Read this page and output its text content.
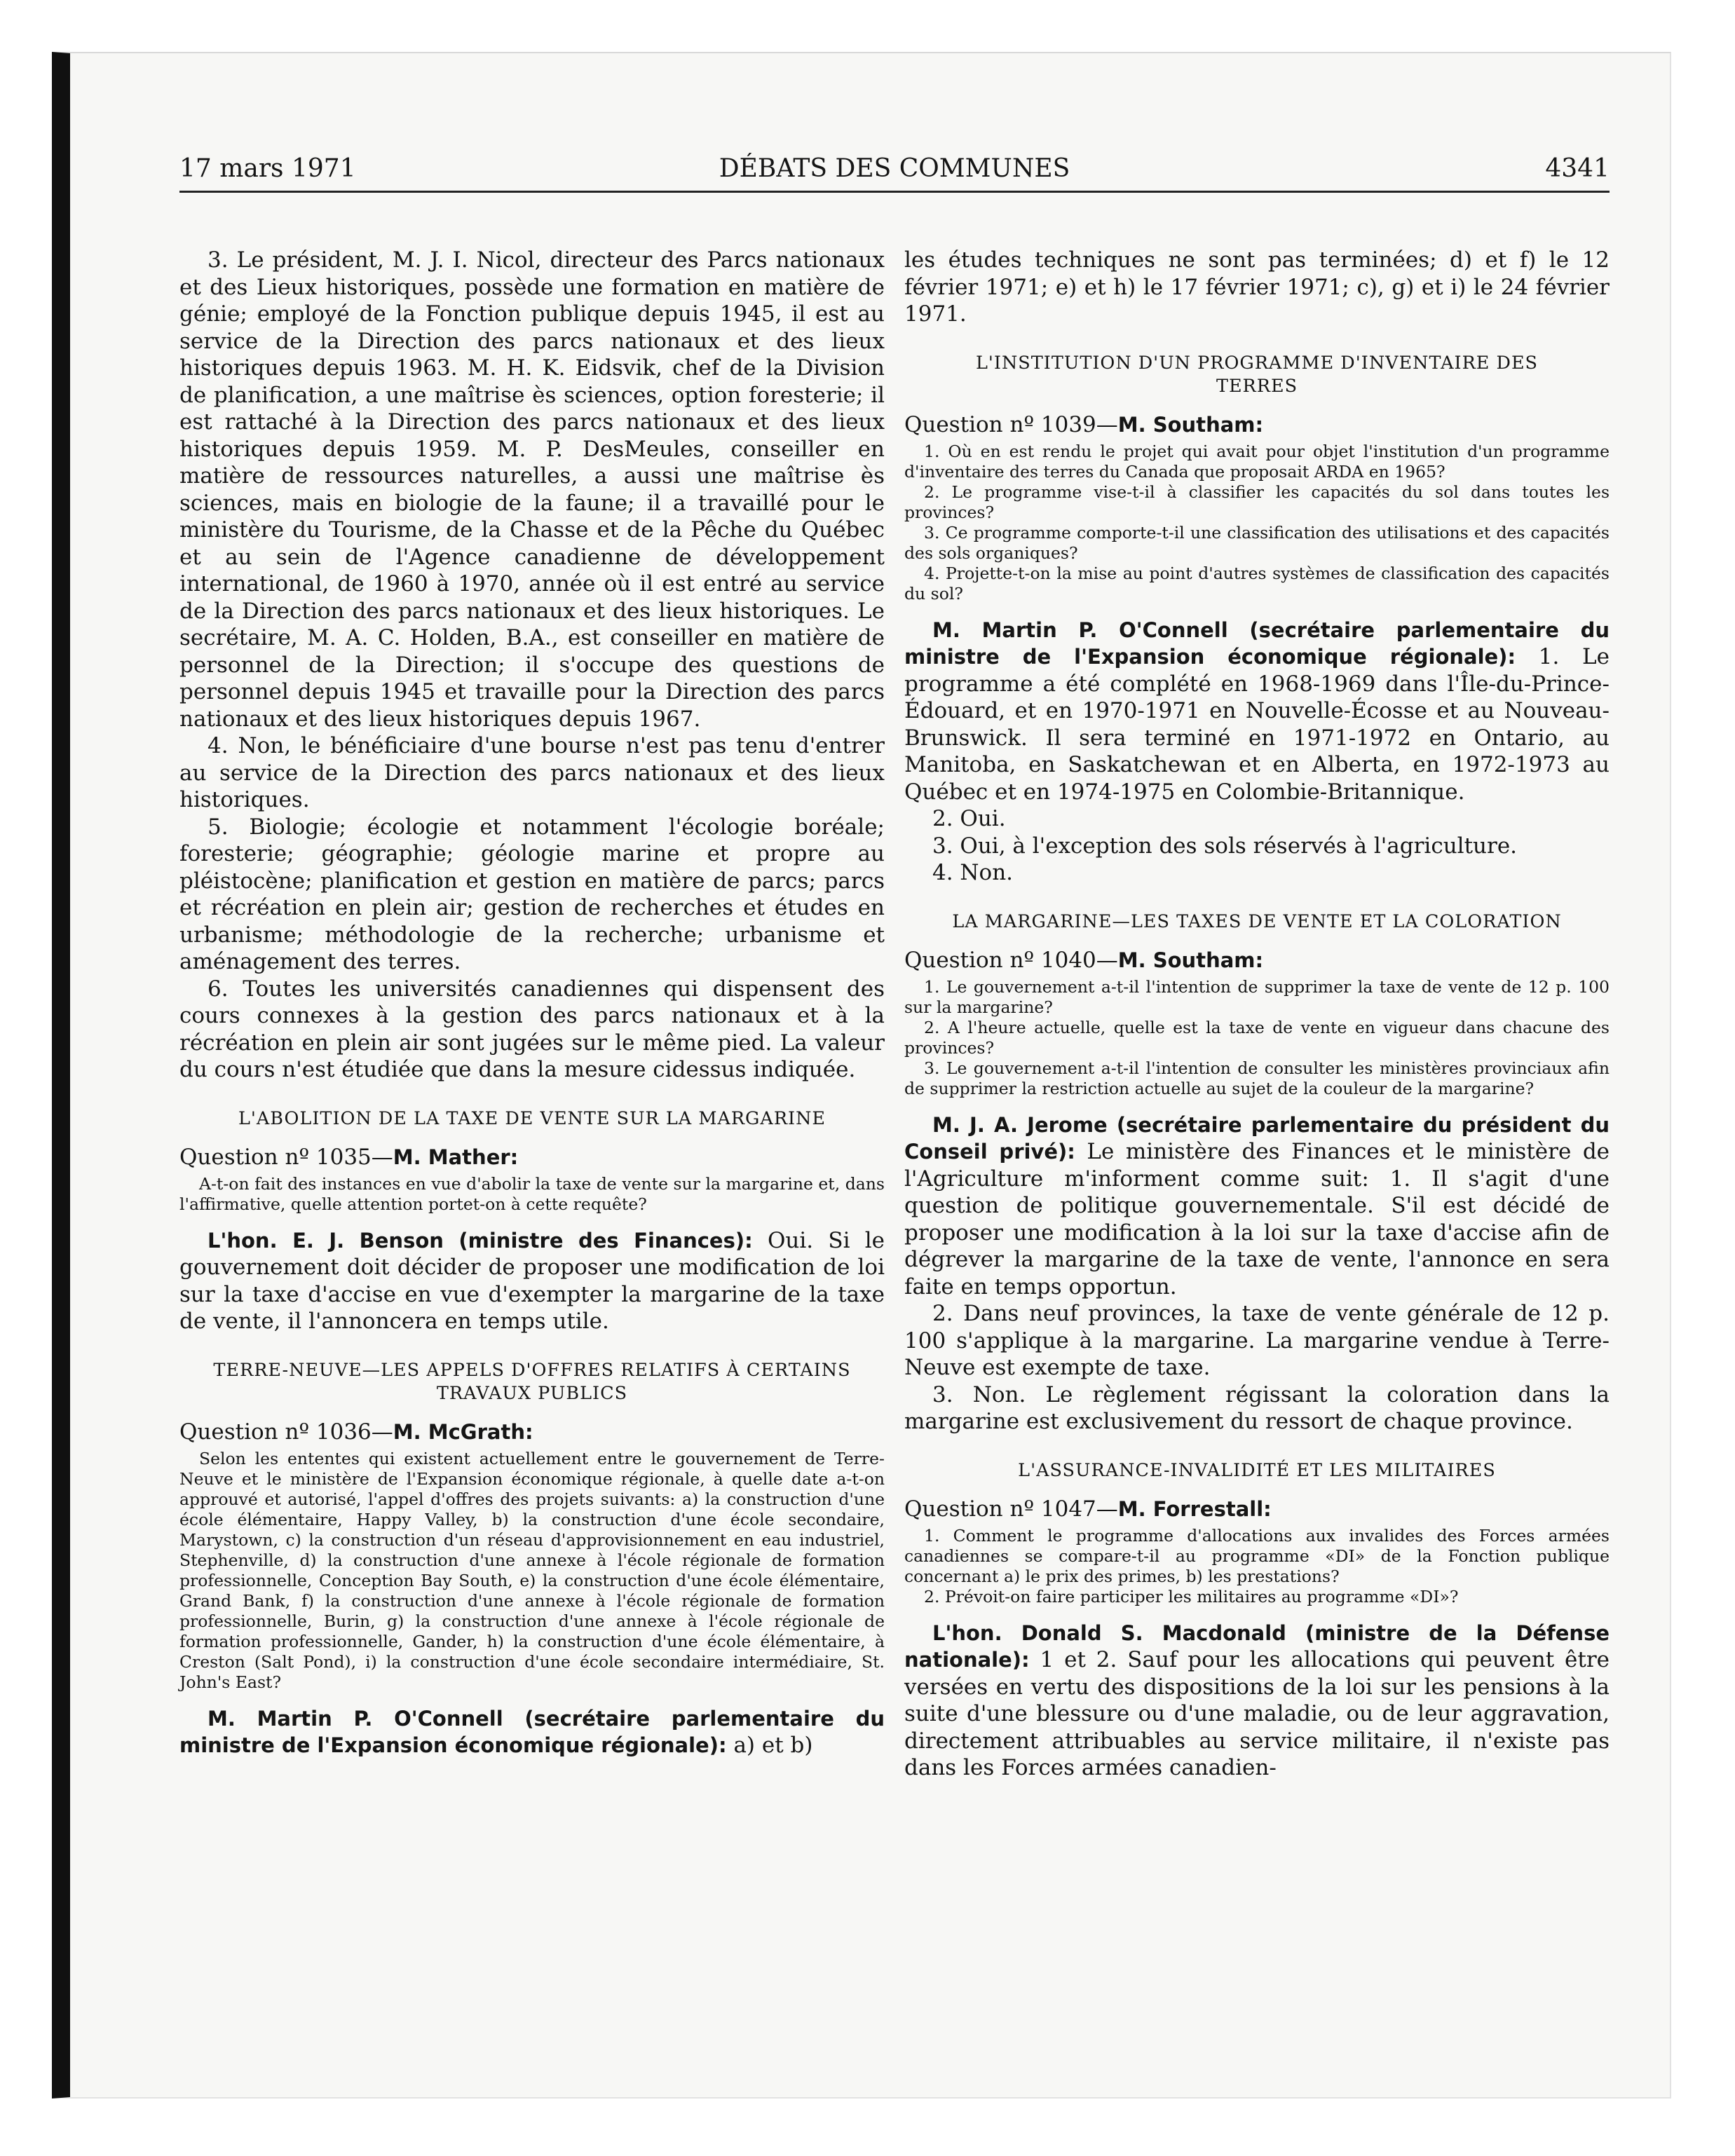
17 mars 1971	DÉBATS DES COMMUNES	4341

3. Le président, M. J. I. Nicol, directeur des Parcs nationaux et des Lieux historiques, possède une formation en matière de génie; employé de la Fonction publique depuis 1945, il est au service de la Direction des parcs nationaux et des lieux historiques depuis 1963. M. H. K. Eidsvik, chef de la Division de planification, a une maîtrise ès sciences, option foresterie; il est rattaché à la Direction des parcs nationaux et des lieux historiques depuis 1959. M. P. DesMeules, conseiller en matière de ressources naturelles, a aussi une maîtrise ès sciences, mais en biologie de la faune; il a travaillé pour le ministère du Tourisme, de la Chasse et de la Pêche du Québec et au sein de l'Agence canadienne de développement international, de 1960 à 1970, année où il est entré au service de la Direction des parcs nationaux et des lieux historiques. Le secrétaire, M. A. C. Holden, B.A., est conseiller en matière de personnel de la Direction; il s'occupe des questions de personnel depuis 1945 et travaille pour la Direction des parcs nationaux et des lieux historiques depuis 1967.

4. Non, le bénéficiaire d'une bourse n'est pas tenu d'entrer au service de la Direction des parcs nationaux et des lieux historiques.

5. Biologie; écologie et notamment l'écologie boréale; foresterie; géographie; géologie marine et propre au pléistocène; planification et gestion en matière de parcs; parcs et récréation en plein air; gestion de recherches et études en urbanisme; méthodologie de la recherche; urbanisme et aménagement des terres.

6. Toutes les universités canadiennes qui dispensent des cours connexes à la gestion des parcs nationaux et à la récréation en plein air sont jugées sur le même pied. La valeur du cours n'est étudiée que dans la mesure cidessus indiquée.

L'ABOLITION DE LA TAXE DE VENTE SUR LA MARGARINE

Question nº 1035—M. Mather:

A-t-on fait des instances en vue d'abolir la taxe de vente sur la margarine et, dans l'affirmative, quelle attention portet-on à cette requête?

L'hon. E. J. Benson (ministre des Finances): Oui. Si le gouvernement doit décider de proposer une modification de loi sur la taxe d'accise en vue d'exempter la margarine de la taxe de vente, il l'annoncera en temps utile.

TERRE-NEUVE—LES APPELS D'OFFRES RELATIFS À CERTAINS TRAVAUX PUBLICS

Question nº 1036—M. McGrath:

Selon les ententes qui existent actuellement entre le gouvernement de Terre-Neuve et le ministère de l'Expansion économique régionale, à quelle date a-t-on approuvé et autorisé, l'appel d'offres des projets suivants: a) la construction d'une école élémentaire, Happy Valley, b) la construction d'une école secondaire, Marystown, c) la construction d'un réseau d'approvisionnement en eau industriel, Stephenville, d) la construction d'une annexe à l'école régionale de formation professionnelle, Conception Bay South, e) la construction d'une école élémentaire, Grand Bank, f) la construction d'une annexe à l'école régionale de formation professionnelle, Burin, g) la construction d'une annexe à l'école régionale de formation professionnelle, Gander, h) la construction d'une école élémentaire, à Creston (Salt Pond), i) la construction d'une école secondaire intermédiaire, St. John's East?

M. Martin P. O'Connell (secrétaire parlementaire du ministre de l'Expansion économique régionale): a) et b)

les études techniques ne sont pas terminées; d) et f) le 12 février 1971; e) et h) le 17 février 1971; c), g) et i) le 24 février 1971.

L'INSTITUTION D'UN PROGRAMME D'INVENTAIRE DES TERRES

Question nº 1039—M. Southam:

1. Où en est rendu le projet qui avait pour objet l'institution d'un programme d'inventaire des terres du Canada que proposait ARDA en 1965?

2. Le programme vise-t-il à classifier les capacités du sol dans toutes les provinces?

3. Ce programme comporte-t-il une classification des utilisations et des capacités des sols organiques?

4. Projette-t-on la mise au point d'autres systèmes de classification des capacités du sol?

M. Martin P. O'Connell (secrétaire parlementaire du ministre de l'Expansion économique régionale): 1. Le programme a été complété en 1968-1969 dans l'Île-du-Prince-Édouard, et en 1970-1971 en Nouvelle-Écosse et au Nouveau-Brunswick. Il sera terminé en 1971-1972 en Ontario, au Manitoba, en Saskatchewan et en Alberta, en 1972-1973 au Québec et en 1974-1975 en Colombie-Britannique.

2. Oui.

3. Oui, à l'exception des sols réservés à l'agriculture.

4. Non.

LA MARGARINE—LES TAXES DE VENTE ET LA COLORATION

Question nº 1040—M. Southam:

1. Le gouvernement a-t-il l'intention de supprimer la taxe de vente de 12 p. 100 sur la margarine?

2. A l'heure actuelle, quelle est la taxe de vente en vigueur dans chacune des provinces?

3. Le gouvernement a-t-il l'intention de consulter les ministères provinciaux afin de supprimer la restriction actuelle au sujet de la couleur de la margarine?

M. J. A. Jerome (secrétaire parlementaire du président du Conseil privé): Le ministère des Finances et le ministère de l'Agriculture m'informent comme suit: 1. Il s'agit d'une question de politique gouvernementale. S'il est décidé de proposer une modification à la loi sur la taxe d'accise afin de dégrever la margarine de la taxe de vente, l'annonce en sera faite en temps opportun.

2. Dans neuf provinces, la taxe de vente générale de 12 p. 100 s'applique à la margarine. La margarine vendue à Terre-Neuve est exempte de taxe.

3. Non. Le règlement régissant la coloration dans la margarine est exclusivement du ressort de chaque province.

L'ASSURANCE-INVALIDITÉ ET LES MILITAIRES

Question nº 1047—M. Forrestall:

1. Comment le programme d'allocations aux invalides des Forces armées canadiennes se compare-t-il au programme «DI» de la Fonction publique concernant a) le prix des primes, b) les prestations?

2. Prévoit-on faire participer les militaires au programme «DI»?

L'hon. Donald S. Macdonald (ministre de la Défense nationale): 1 et 2. Sauf pour les allocations qui peuvent être versées en vertu des dispositions de la loi sur les pensions à la suite d'une blessure ou d'une maladie, ou de leur aggravation, directement attribuables au service militaire, il n'existe pas dans les Forces armées canadien-
